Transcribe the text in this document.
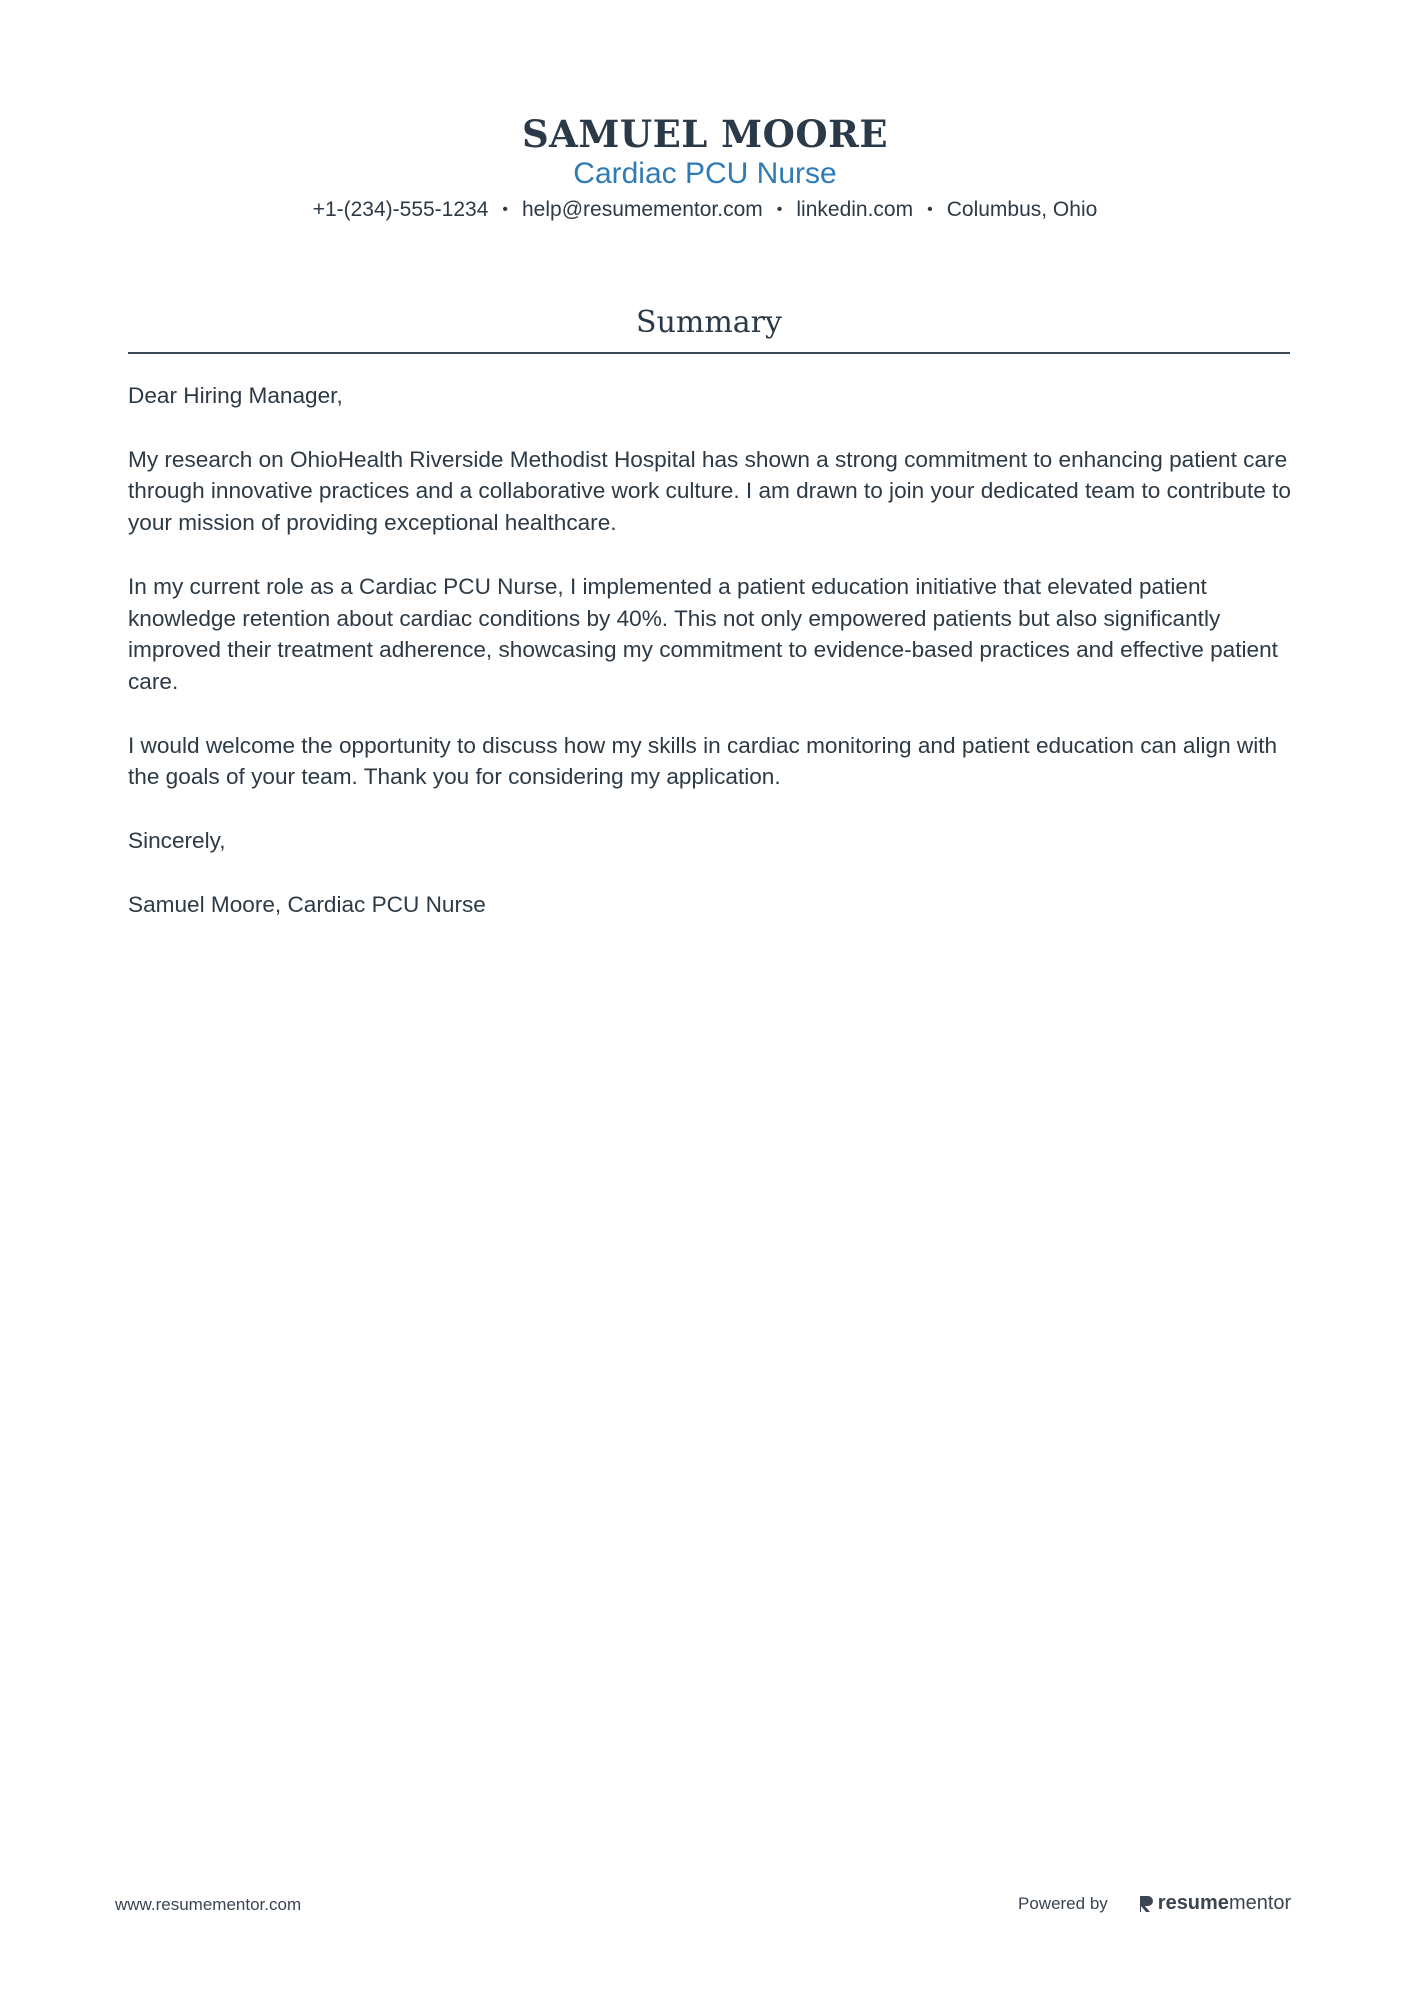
SAMUEL MOORE
Cardiac PCU Nurse
+1-(234)-555-1234 • help@resumementor.com • linkedin.com • Columbus, Ohio
Summary

Dear Hiring Manager,

My research on OhioHealth Riverside Methodist Hospital has shown a strong commitment to enhancing patient care through innovative practices and a collaborative work culture. I am drawn to join your dedicated team to contribute to your mission of providing exceptional healthcare.

In my current role as a Cardiac PCU Nurse, I implemented a patient education initiative that elevated patient knowledge retention about cardiac conditions by 40%. This not only empowered patients but also significantly improved their treatment adherence, showcasing my commitment to evidence-based practices and effective patient care.

I would welcome the opportunity to discuss how my skills in cardiac monitoring and patient education can align with the goals of your team. Thank you for considering my application.

Sincerely,

Samuel Moore, Cardiac PCU Nurse

www.resumementor.com	Powered by	resume mentor
